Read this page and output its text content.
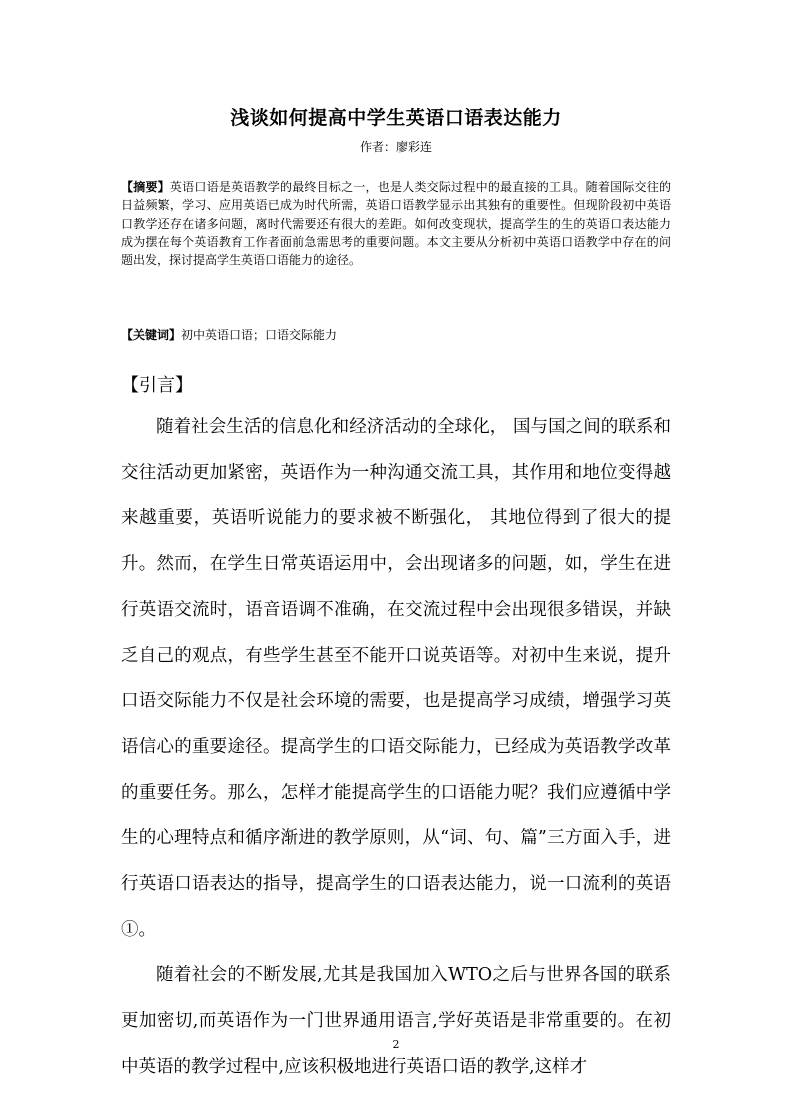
浅谈如何提高中学生英语口语表达能力
作者：廖彩连
【摘要】英语口语是英语教学的最终目标之一，也是人类交际过程中的最直接的工具。随着国际交往的日益频繁，学习、应用英语已成为时代所需，英语口语教学显示出其独有的重要性。但现阶段初中英语口教学还存在诸多问题，离时代需要还有很大的差距。如何改变现状，提高学生的生的英语口表达能力成为摆在每个英语教育工作者面前急需思考的重要问题。本文主要从分析初中英语口语教学中存在的问题出发，探讨提高学生英语口语能力的途径。
【关键词】初中英语口语；口语交际能力
【引言】

随着社会生活的信息化和经济活动的全球化， 国与国之间的联系和交往活动更加紧密，英语作为一种沟通交流工具，其作用和地位变得越来越重要，英语听说能力的要求被不断强化， 其地位得到了很大的提升。然而，在学生日常英语运用中，会出现诸多的问题，如，学生在进行英语交流时，语音语调不准确，在交流过程中会出现很多错误，并缺乏自己的观点，有些学生甚至不能开口说英语等。对初中生来说，提升口语交际能力不仅是社会环境的需要，也是提高学习成绩，增强学习英语信心的重要途径。提高学生的口语交际能力，已经成为英语教学改革的重要任务。那么，怎样才能提高学生的口语能力呢？我们应遵循中学生的心理特点和循序渐进的教学原则，从“词、句、篇”三方面入手，进行英语口语表达的指导，提高学生的口语表达能力，说一口流利的英语①。

随着社会的不断发展,尤其是我国加入WTO之后与世界各国的联系更加密切,而英语作为一门世界通用语言,学好英语是非常重要的。在初中英语的教学过程中,应该积极地进行英语口语的教学,这样才

2
